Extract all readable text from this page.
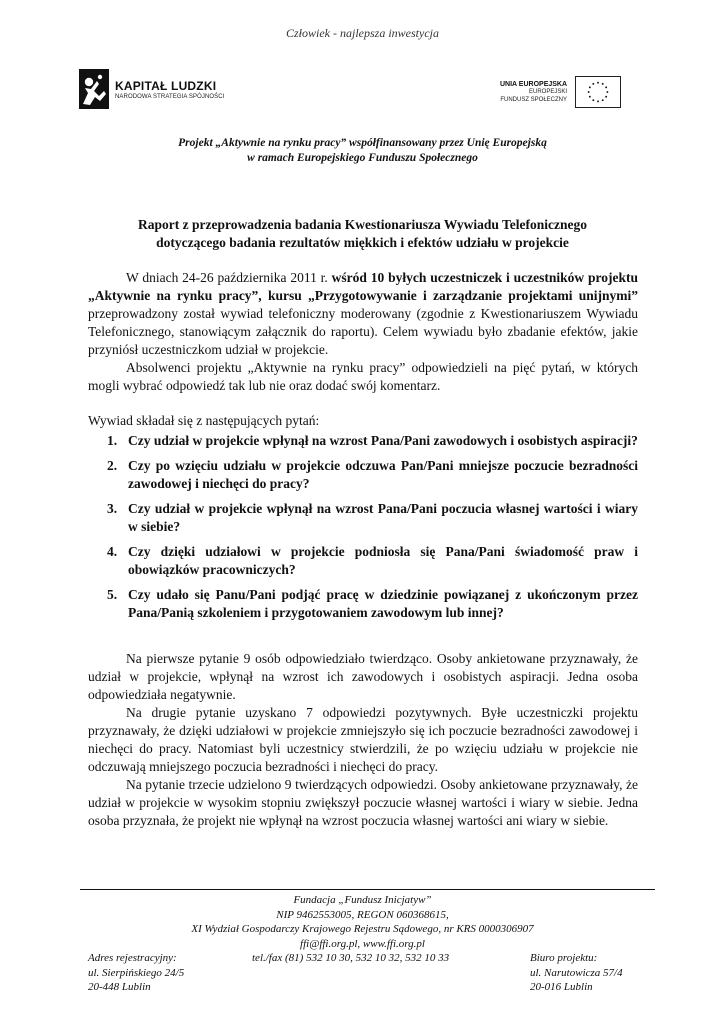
Człowiek - najlepsza inwestycja
KAPITAŁ LUDZKI
NARODOWA STRATEGIA SPÓJNOŚCI
UNIA EUROPEJSKA
EUROPEJSKI
FUNDUSZ SPOŁECZNY
Projekt „Aktywnie na rynku pracy” współfinansowany przez Unię Europejską
w ramach Europejskiego Funduszu Społecznego
Raport z przeprowadzenia badania Kwestionariusza Wywiadu Telefonicznego
dotyczącego badania rezultatów miękkich i efektów udziału w projekcie

W dniach 24-26 października 2011 r. wśród 10 byłych uczestniczek i uczestników projektu „Aktywnie na rynku pracy”, kursu „Przygotowywanie i zarządzanie projektami unijnymi” przeprowadzony został wywiad telefoniczny moderowany (zgodnie z Kwestionariuszem Wywiadu Telefonicznego, stanowiącym załącznik do raportu). Celem wywiadu było zbadanie efektów, jakie przyniósł uczestniczkom udział w projekcie.

Absolwenci projektu „Aktywnie na rynku pracy” odpowiedzieli na pięć pytań, w których mogli wybrać odpowiedź tak lub nie oraz dodać swój komentarz.

Wywiad składał się z następujących pytań:

1. Czy udział w projekcie wpłynął na wzrost Pana/Pani zawodowych i osobistych aspiracji?
2. Czy po wzięciu udziału w projekcie odczuwa Pan/Pani mniejsze poczucie bezradności zawodowej i niechęci do pracy?
3. Czy udział w projekcie wpłynął na wzrost Pana/Pani poczucia własnej wartości i wiary w siebie?
4. Czy dzięki udziałowi w projekcie podniosła się Pana/Pani świadomość praw i obowiązków pracowniczych?
5. Czy udało się Panu/Pani podjąć pracę w dziedzinie powiązanej z ukończonym przez Pana/Panią szkoleniem i przygotowaniem zawodowym lub innej?

Na pierwsze pytanie 9 osób odpowiedziało twierdząco. Osoby ankietowane przyznawały, że udział w projekcie, wpłynął na wzrost ich zawodowych i osobistych aspiracji. Jedna osoba odpowiedziała negatywnie.

Na drugie pytanie uzyskano 7 odpowiedzi pozytywnych. Byłe uczestniczki projektu przyznawały, że dzięki udziałowi w projekcie zmniejszyło się ich poczucie bezradności zawodowej i niechęci do pracy. Natomiast byli uczestnicy stwierdzili, że po wzięciu udziału w projekcie nie odczuwają mniejszego poczucia bezradności i niechęci do pracy.

Na pytanie trzecie udzielono 9 twierdzących odpowiedzi. Osoby ankietowane przyznawały, że udział w projekcie w wysokim stopniu zwiększył poczucie własnej wartości i wiary w siebie. Jedna osoba przyznała, że projekt nie wpłynął na wzrost poczucia własnej wartości ani wiary w siebie.

Fundacja „Fundusz Inicjatyw”
NIP 9462553005, REGON 060368615,
XI Wydział Gospodarczy Krajowego Rejestru Sądowego, nr KRS 0000306907
ffi@ffi.org.pl, www.ffi.org.pl
Adres rejestracyjny:	tel./fax (81) 532 10 30, 532 10 32, 532 10 33	Biuro projektu:
ul. Sierpińskiego 24/5	ul. Narutowicza 57/4
20-448 Lublin	20-016 Lublin
